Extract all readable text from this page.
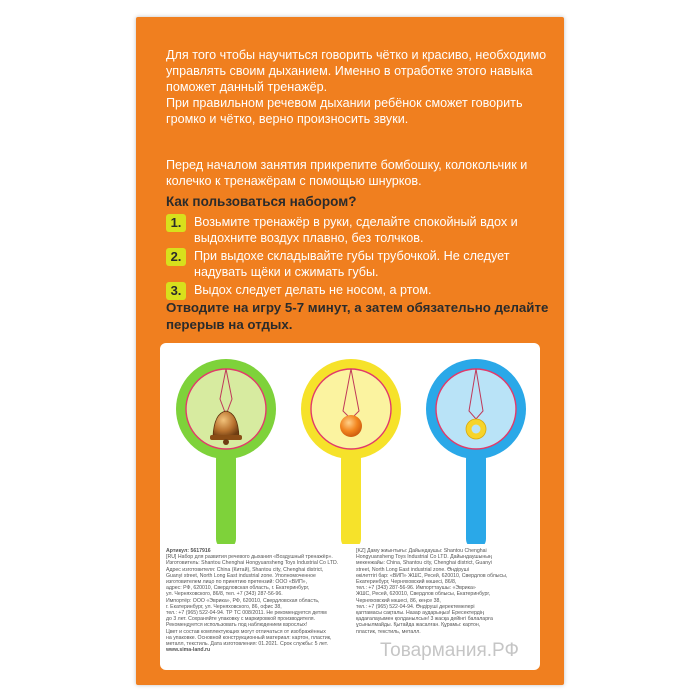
Для того чтобы научиться говорить чётко и красиво, необходимо управлять своим дыханием. Именно в отработке этого навыка поможет данный тренажёр.

При правильном речевом дыхании ребёнок сможет говорить громко и чётко, верно произносить звуки.

Перед началом занятия прикрепите бомбошку, колокольчик и колечко к тренажёрам с помощью шнурков.

Как пользоваться набором?
1. Возьмите тренажёр в руки, сделайте спокойный вдох и выдохните воздух плавно, без толчков.
2. При выдохе складывайте губы трубочкой. Не следует надувать щёки и сжимать губы.
3. Выдох следует делать не носом, а ртом.

Отводите на игру 5-7 минут, а затем обязательно делайте перерыв на отдых.

Артикул: 5617916

[RU] Набор для развития речевого дыхания «Воздушный тренажёр».

Изготовитель: Shantou Chenghai Hongyuansheng Toys Industrial Co LTD.

Адрес изготовителя: China (Китай), Shantou city, Chenghai district,

Guanyi street, North Long East industrial zone. Уполномоченное

изготовителем лицо по принятию претензий: ООО «ВИП»,

адрес: РФ, 620010, Свердловская область, г. Екатеринбург,

ул. Черняховского, 86/8, тел. +7 (343) 287-56-96.

Импортёр: ООО «Эврика», РФ, 620010, Свердловская область,

г. Екатеринбург, ул. Черняховского, 86, офис 38,

тел.: +7 (965) 522-04-94. ТР ТС 008/2011. Не рекомендуется детям

до 3 лет. Сохраняйте упаковку с маркировкой производителя.

Рекомендуется использовать под наблюдением взрослых!

Цвет и состав комплектующих могут отличаться от изображённых

на упаковке. Основной конструкционный материал: картон, пластик,

металл, текстиль. Дата изготовления: 01.2021. Срок службы: 5 лет.

www.sima-land.ru

[KZ] Даму жиынтығы: Дайындаушы: Shantou Chenghai

Hongyuansheng Toys Industrial Co LTD. Дайындаушының

мекенжайы: China, Shantou city, Chenghai district, Guanyi

street, North Long East industrial zone. Өндіруші

өкілеттігі бар: «ВИП» ЖШС, Ресей, 620010, Свердлов облысы,

Екатеринбург, Черняховский көшесі, 86/8,

тел.: +7 (343) 287-56-96. Импорттаушы: «Эврика»

ЖШС, Ресей, 620010, Свердлов облысы, Екатеринбург,

Черняховский көшесі, 86, кеңсе 38,

тел.: +7 (965) 522-04-94. Өндіруші деректемелері

қаптамасы сақталы. Назар аударыңыз! Ересектердің

қадағалауымен қолданылсын! 3 жасқа дейінгі балаларға

ұсынылмайды. Қытайда жасалған. Құрамы: картон,

пластик, текстиль, металл.

Товармания.РФ
